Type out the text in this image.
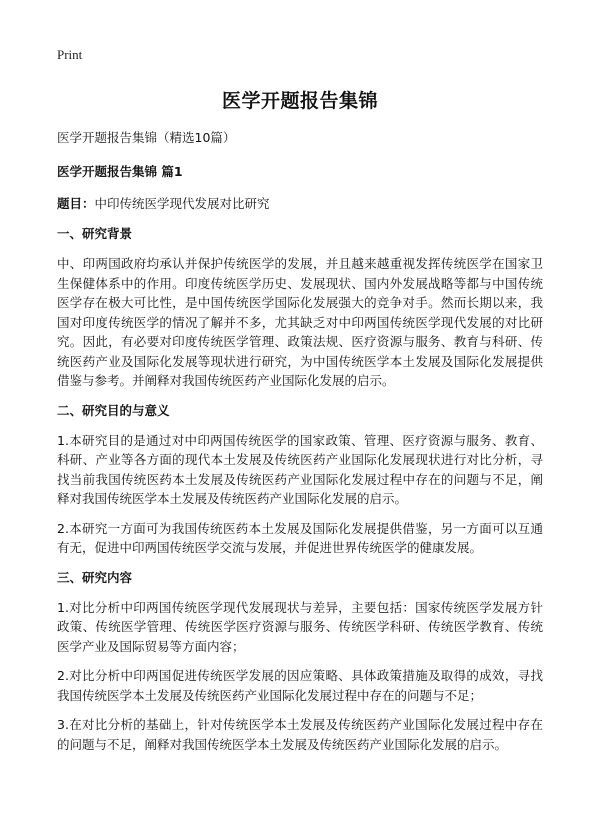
Print
医学开题报告集锦
医学开题报告集锦（精选10篇）
医学开题报告集锦 篇1
题目：中印传统医学现代发展对比研究
一、研究背景

中、印两国政府均承认并保护传统医学的发展，并且越来越重视发挥传统医学在国家卫生保健体系中的作用。印度传统医学历史、发展现状、国内外发展战略等都与中国传统医学存在极大可比性，是中国传统医学国际化发展强大的竞争对手。然而长期以来，我国对印度传统医学的情况了解并不多，尤其缺乏对中印两国传统医学现代发展的对比研究。因此，有必要对印度传统医学管理、政策法规、医疗资源与服务、教育与科研、传统医药产业及国际化发展等现状进行研究，为中国传统医学本土发展及国际化发展提供借鉴与参考。并阐释对我国传统医药产业国际化发展的启示。

二、研究目的与意义

1.本研究目的是通过对中印两国传统医学的国家政策、管理、医疗资源与服务、教育、科研、产业等各方面的现代本土发展及传统医药产业国际化发展现状进行对比分析，寻找当前我国传统医药本土发展及传统医药产业国际化发展过程中存在的问题与不足，阐释对我国传统医学本土发展及传统医药产业国际化发展的启示。

2.本研究一方面可为我国传统医药本土发展及国际化发展提供借鉴，另一方面可以互通有无，促进中印两国传统医学交流与发展，并促进世界传统医学的健康发展。

三、研究内容

1.对比分析中印两国传统医学现代发展现状与差异，主要包括：国家传统医学发展方针政策、传统医学管理、传统医学医疗资源与服务、传统医学科研、传统医学教育、传统医学产业及国际贸易等方面内容；

2.对比分析中印两国促进传统医学发展的因应策略、具体政策措施及取得的成效，寻找我国传统医学本土发展及传统医药产业国际化发展过程中存在的问题与不足；

3.在对比分析的基础上，针对传统医学本土发展及传统医药产业国际化发展过程中存在的问题与不足，阐释对我国传统医学本土发展及传统医药产业国际化发展的启示。
